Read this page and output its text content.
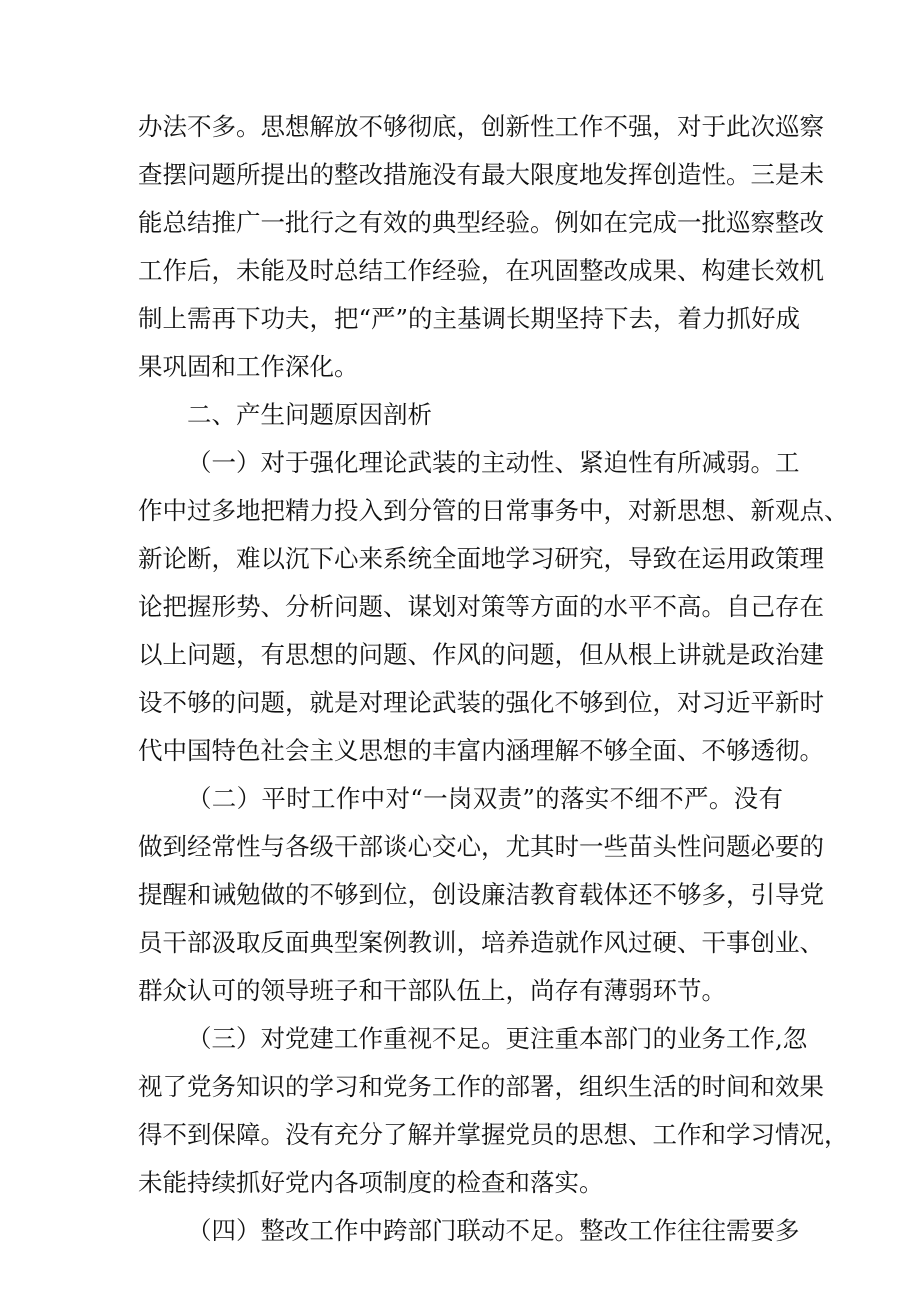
办法不多。思想解放不够彻底，创新性工作不强，对于此次巡察
查摆问题所提出的整改措施没有最大限度地发挥创造性。三是未
能总结推广一批行之有效的典型经验。例如在完成一批巡察整改
工作后，未能及时总结工作经验，在巩固整改成果、构建长效机
制上需再下功夫，把“严”的主基调长期坚持下去，着力抓好成
果巩固和工作深化。
二、产生问题原因剖析
（一）对于强化理论武装的主动性、紧迫性有所减弱。工
作中过多地把精力投入到分管的日常事务中，对新思想、新观点、
新论断，难以沉下心来系统全面地学习研究，导致在运用政策理
论把握形势、分析问题、谋划对策等方面的水平不高。自己存在
以上问题，有思想的问题、作风的问题，但从根上讲就是政治建
设不够的问题，就是对理论武装的强化不够到位，对习近平新时
代中国特色社会主义思想的丰富内涵理解不够全面、不够透彻。
（二）平时工作中对“一岗双责”的落实不细不严。没有
做到经常性与各级干部谈心交心，尤其时一些苗头性问题必要的
提醒和诫勉做的不够到位，创设廉洁教育载体还不够多，引导党
员干部汲取反面典型案例教训，培养造就作风过硬、干事创业、
群众认可的领导班子和干部队伍上，尚存有薄弱环节。
（三）对党建工作重视不足。更注重本部门的业务工作,忽
视了党务知识的学习和党务工作的部署，组织生活的时间和效果
得不到保障。没有充分了解并掌握党员的思想、工作和学习情况，
未能持续抓好党内各项制度的检查和落实。
（四）整改工作中跨部门联动不足。整改工作往往需要多
